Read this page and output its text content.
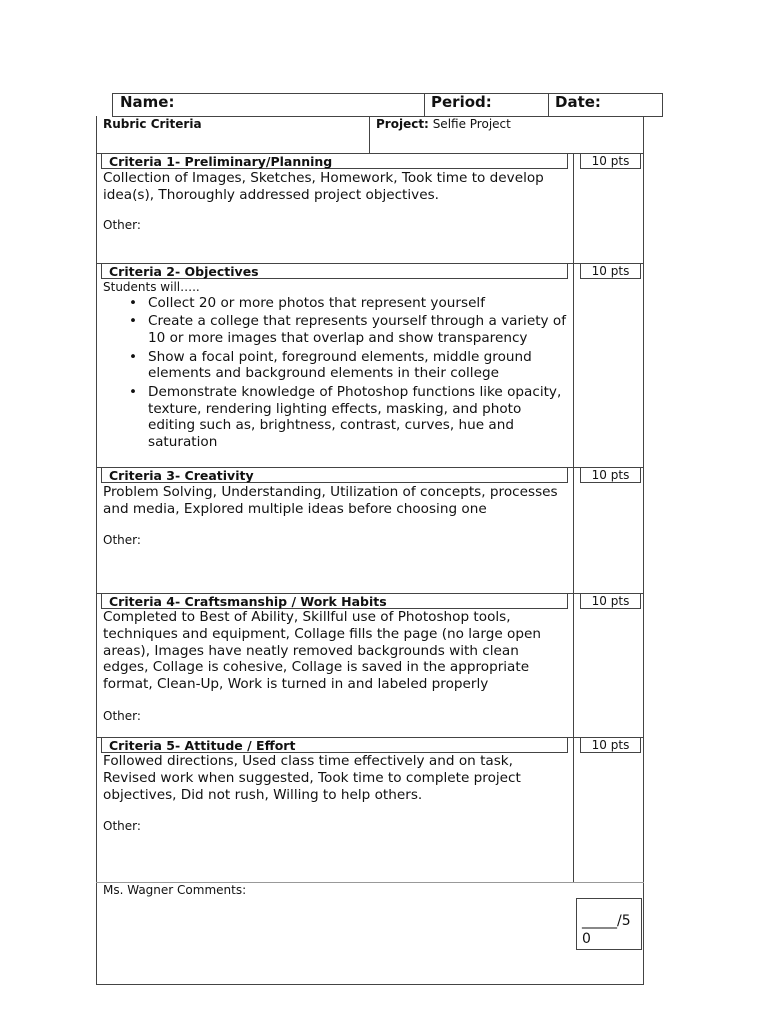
Name:	Period:	Date:
Rubric Criteria	Project: Selfie Project
Criteria 1- Preliminary/Planning	10 pts
Collection of Images, Sketches, Homework, Took time to develop idea(s), Thoroughly addressed project objectives.
Other:
Criteria 2- Objectives	10 pts
Students will…..
• Collect 20 or more photos that represent yourself
• Create a college that represents yourself through a variety of 10 or more images that overlap and show transparency
• Show a focal point, foreground elements, middle ground elements and background elements in their college
• Demonstrate knowledge of Photoshop functions like opacity, texture, rendering lighting effects, masking, and photo editing such as, brightness, contrast, curves, hue and saturation
Criteria 3- Creativity	10 pts
Problem Solving, Understanding, Utilization of concepts, processes and media, Explored multiple ideas before choosing one
Other:
Criteria 4- Craftsmanship / Work Habits	10 pts
Completed to Best of Ability, Skillful use of Photoshop tools, techniques and equipment, Collage fills the page (no large open areas), Images have neatly removed backgrounds with clean edges, Collage is cohesive, Collage is saved in the appropriate format, Clean-Up, Work is turned in and labeled properly
Other:
Criteria 5- Attitude / Effort	10 pts
Followed directions, Used class time effectively and on task, Revised work when suggested, Took time to complete project objectives, Did not rush, Willing to help others.
Other:
Ms. Wagner Comments:
_____/5
0
